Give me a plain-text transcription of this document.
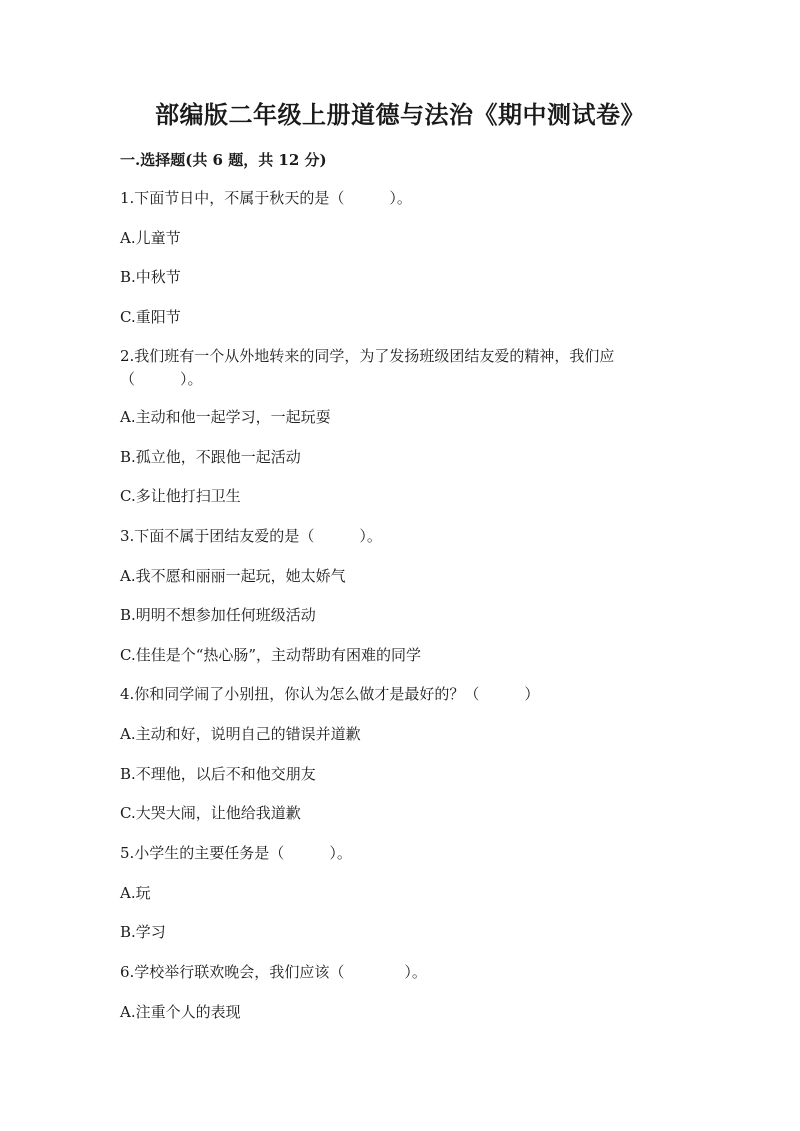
部编版二年级上册道德与法治《期中测试卷》
一.选择题(共 6 题，共 12 分)
1.下面节日中，不属于秋天的是（　　　）。
A.儿童节
B.中秋节
C.重阳节
2.我们班有一个从外地转来的同学，为了发扬班级团结友爱的精神，我们应
（　　　）。
A.主动和他一起学习，一起玩耍
B.孤立他，不跟他一起活动
C.多让他打扫卫生
3.下面不属于团结友爱的是（　　　）。
A.我不愿和丽丽一起玩，她太娇气
B.明明不想参加任何班级活动
C.佳佳是个“热心肠”，主动帮助有困难的同学
4.你和同学闹了小别扭，你认为怎么做才是最好的？（　　　）
A.主动和好，说明自己的错误并道歉
B.不理他，以后不和他交朋友
C.大哭大闹，让他给我道歉
5.小学生的主要任务是（　　　）。
A.玩
B.学习
6.学校举行联欢晚会，我们应该（　　　　）。
A.注重个人的表现
